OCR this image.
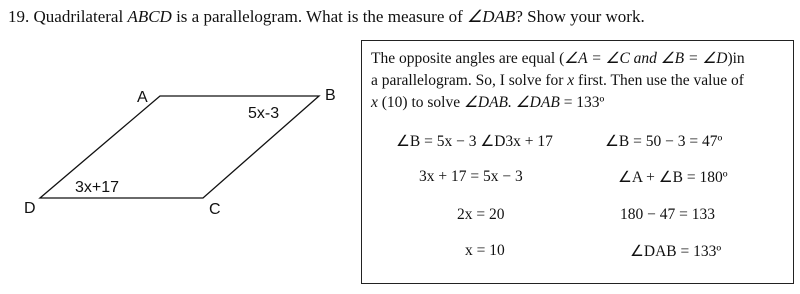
19. Quadrilateral ABCD is a parallelogram. What is the measure of ∠DAB? Show your work.
A	B
C
D
5x-3
3x+17
The opposite angles are equal (∠A = ∠C and ∠B = ∠D)in
a parallelogram. So, I solve for x first. Then use the value of
x (10) to solve ∠DAB. ∠DAB = 133º
∠B = 5x − 3 ∠D3x + 17
3x + 17 = 5x − 3
2x = 20
x = 10
∠B = 50 − 3 = 47º
∠A + ∠B = 180º
180 − 47 = 133
∠DAB = 133º
